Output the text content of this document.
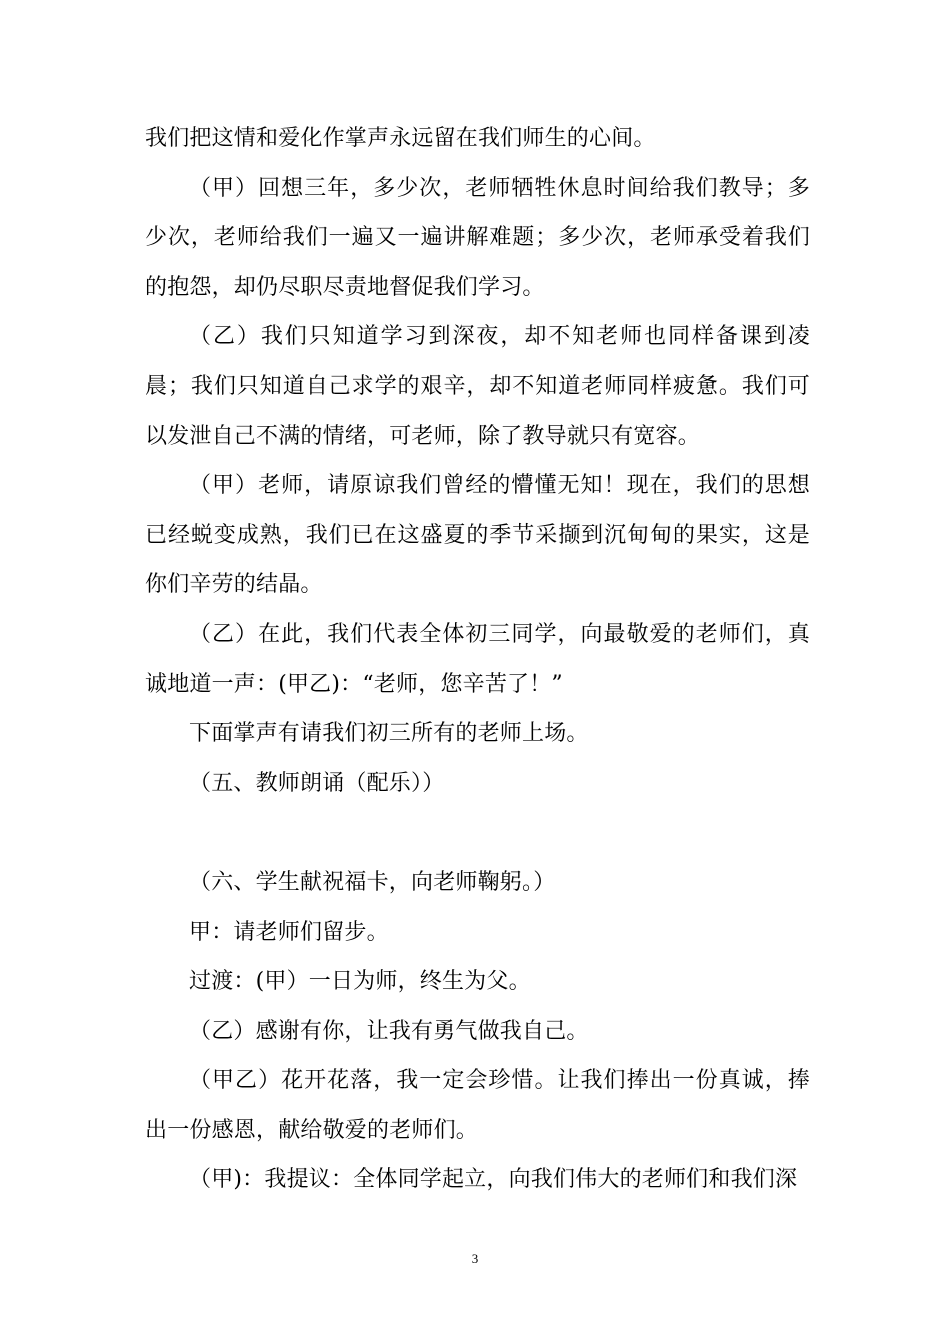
我们把这情和爱化作掌声永远留在我们师生的心间。

（甲）回想三年，多少次，老师牺牲休息时间给我们教导；多少次，老师给我们一遍又一遍讲解难题；多少次，老师承受着我们的抱怨，却仍尽职尽责地督促我们学习。

（乙）我们只知道学习到深夜，却不知老师也同样备课到凌晨；我们只知道自己求学的艰辛，却不知道老师同样疲惫。我们可以发泄自己不满的情绪，可老师，除了教导就只有宽容。

（甲）老师，请原谅我们曾经的懵懂无知！现在，我们的思想已经蜕变成熟，我们已在这盛夏的季节采撷到沉甸甸的果实，这是你们辛劳的结晶。

（乙）在此，我们代表全体初三同学，向最敬爱的老师们，真诚地道一声：(甲乙)：“老师，您辛苦了！”

下面掌声有请我们初三所有的老师上场。

（五、教师朗诵（配乐））

（六、学生献祝福卡，向老师鞠躬。）

甲：请老师们留步。

过渡：(甲）一日为师，终生为父。

（乙）感谢有你，让我有勇气做我自己。

（甲乙）花开花落，我一定会珍惜。让我们捧出一份真诚，捧出一份感恩，献给敬爱的老师们。

（甲)：我提议：全体同学起立，向我们伟大的老师们和我们深

3
